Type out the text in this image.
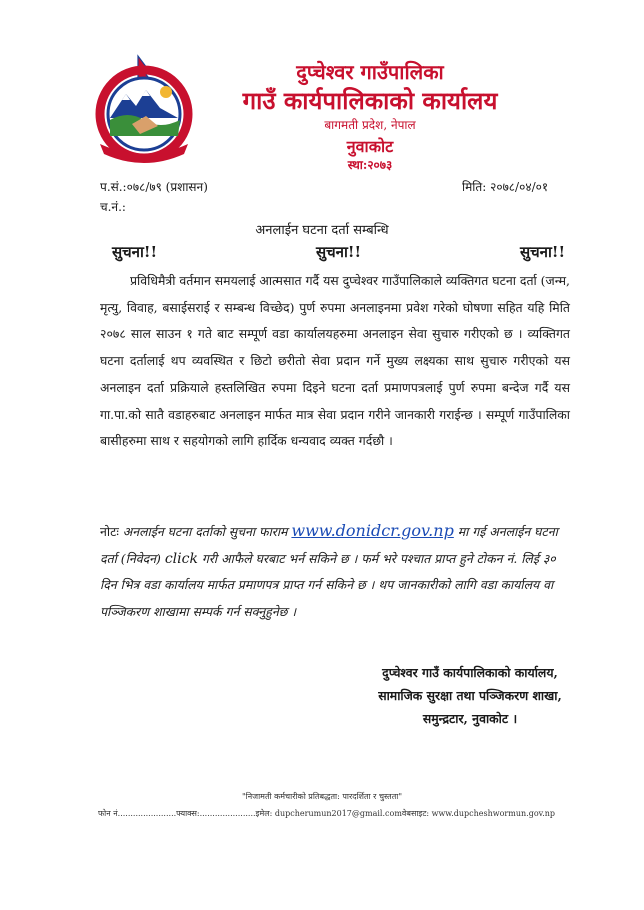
दुप्चेश्वर गाउँपालिका
गाउँ कार्यपालिकाको कार्यालय
बागमती प्रदेश, नेपाल
नुवाकोट
स्था:२०७३
प.सं.:०७८/७९ (प्रशासन)	मिति: २०७८/०४/०१
च.नं.:
अनलाईन घटना दर्ता सम्बन्धि
सुचना!!	सुचना!!	सुचना!!
प्रविधिमैत्री वर्तमान समयलाई आत्मसात गर्दै यस दुप्चेश्वर गाउँपालिकाले व्यक्तिगत घटना दर्ता (जन्म, मृत्यु, विवाह, बसाईसराई र सम्बन्ध विच्छेद) पुर्ण रुपमा अनलाइनमा प्रवेश गरेको घोषणा सहित यहि मिति २०७८ साल साउन १ गते बाट सम्पूर्ण वडा कार्यालयहरुमा अनलाइन सेवा सुचारु गरीएको छ । व्यक्तिगत घटना दर्तालाई थप व्यवस्थित र छिटो छरीतो सेवा प्रदान गर्ने मुख्य लक्ष्यका साथ सुचारु गरीएको यस अनलाइन दर्ता प्रक्रियाले हस्तलिखित रुपमा दिइने घटना दर्ता प्रमाणपत्रलाई पुर्ण रुपमा बन्देज गर्दै यस गा.पा.को सातै वडाहरुबाट अनलाइन मार्फत मात्र सेवा प्रदान गरीने जानकारी गराईन्छ । सम्पूर्ण गाउँपालिका बासीहरुमा साथ र सहयोगको लागि हार्दिक धन्यवाद व्यक्त गर्दछौ ।
नोटः अनलाईन घटना दर्ताको सुचना फाराम www.donidcr.gov.np मा गई अनलाईन घटना दर्ता (निवेदन) click गरी आफैले घरबाट भर्न सकिने छ । फर्म भरे पश्चात प्राप्त हुने टोकन नं. लिई ३० दिन भित्र वडा कार्यालय मार्फत प्रमाणपत्र प्राप्त गर्न सकिने छ । थप जानकारीको लागि वडा कार्यालय वा पञ्जिकरण शाखामा सम्पर्क गर्न सक्नुहुनेछ ।
दुप्चेश्वर गाउँ कार्यपालिकाको कार्यालय,
सामाजिक सुरक्षा तथा पञ्जिकरण शाखा,
समुन्द्रटार, नुवाकोट ।
"निजामती कर्मचारीको प्रतिबद्धता: पारदर्शिता र चुस्तता"
फोन नं.......................फ्याक्स:......................इमेल: dupcherumun2017@gmail.comवेबसाइट: www.dupcheshwormun.gov.np
